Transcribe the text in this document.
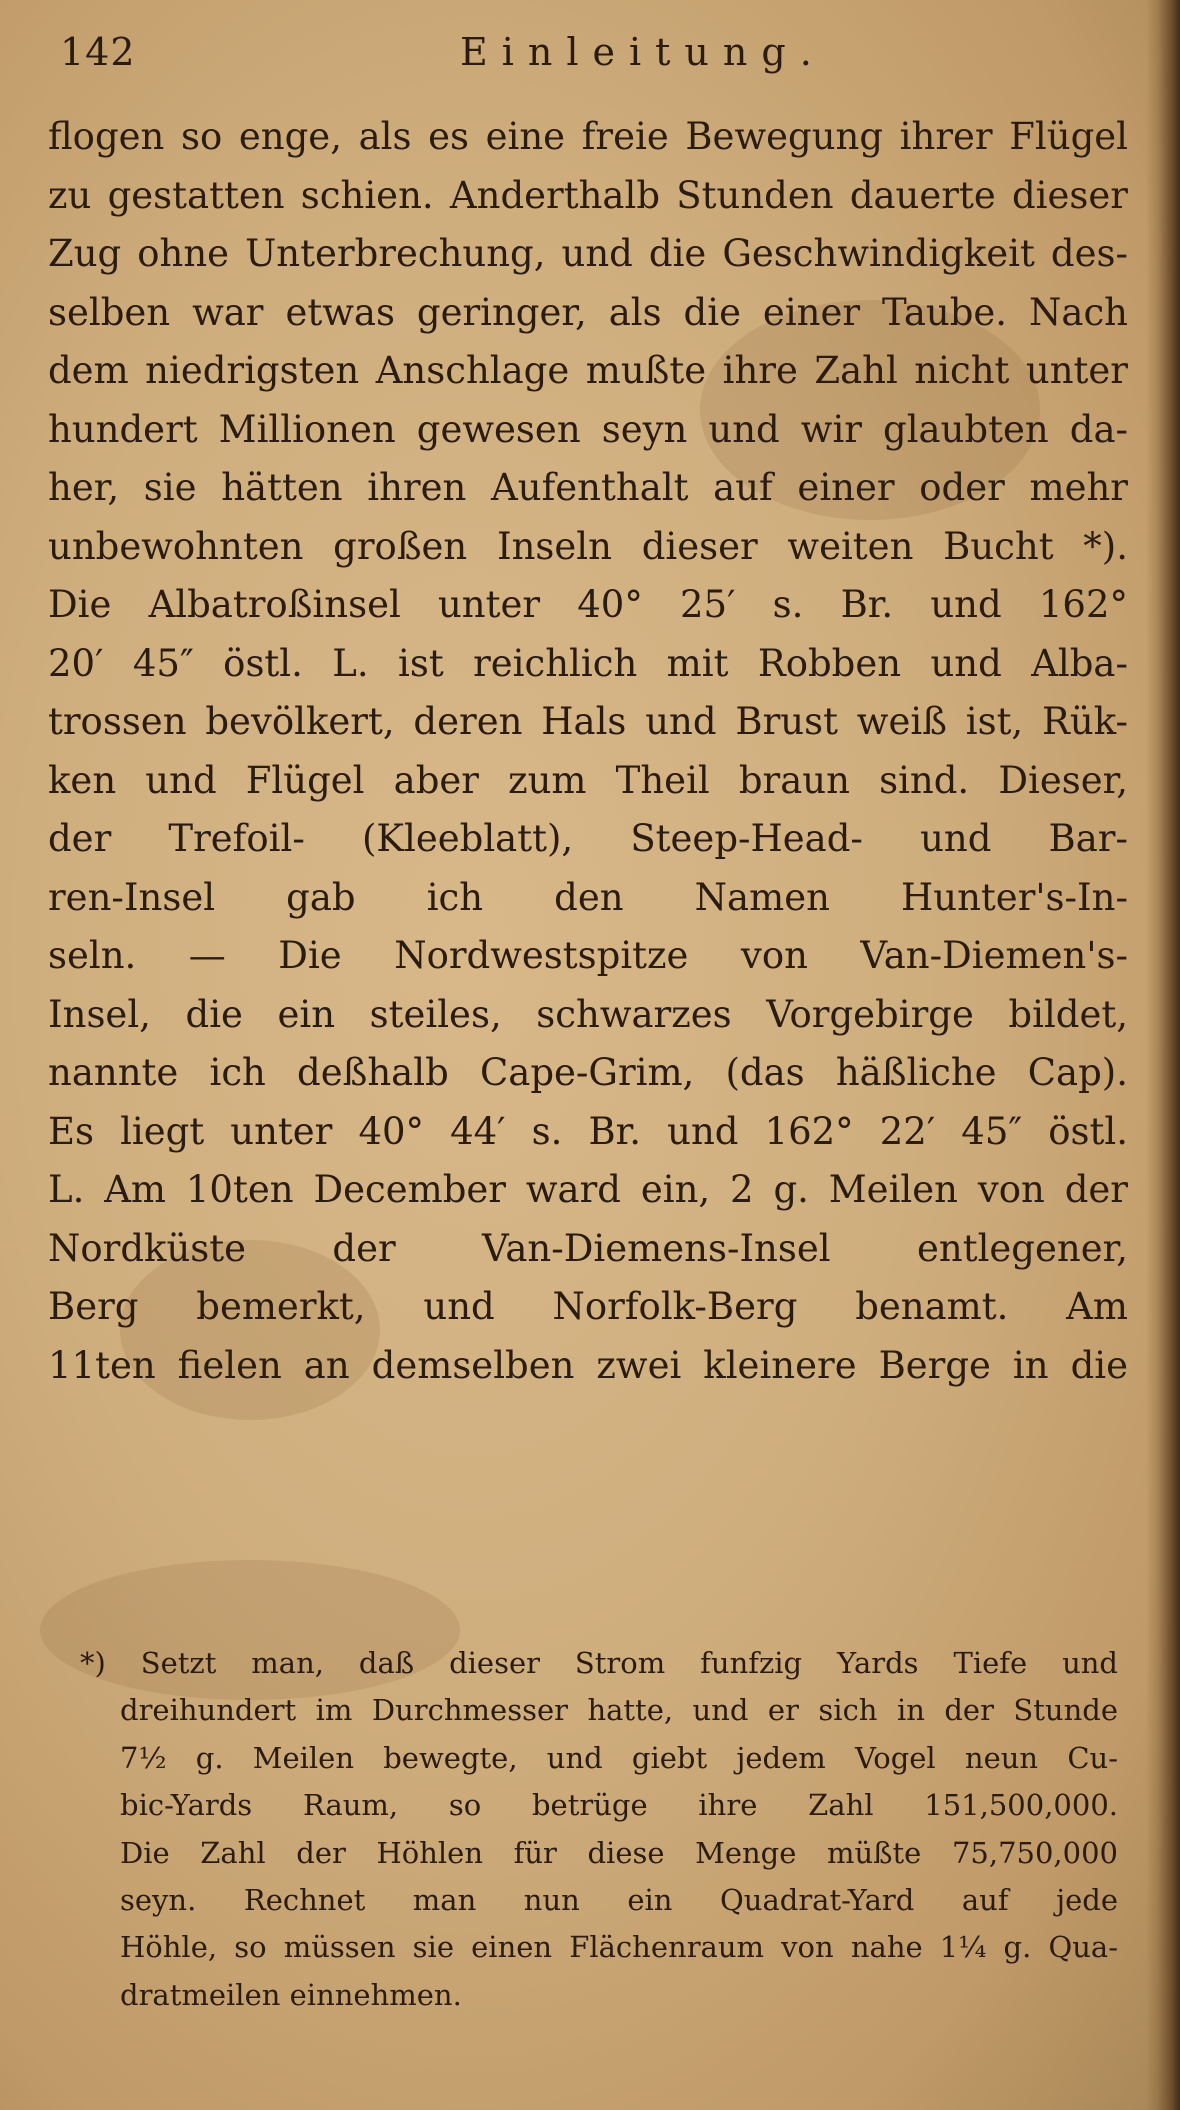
142	Einleitung.
flogen so enge, als es eine freie Bewegung ihrer Flügel
zu gestatten schien. Anderthalb Stunden dauerte dieser
Zug ohne Unterbrechung, und die Geschwindigkeit des-
selben war etwas geringer, als die einer Taube. Nach
dem niedrigsten Anschlage mußte ihre Zahl nicht unter
hundert Millionen gewesen seyn und wir glaubten da-
her, sie hätten ihren Aufenthalt auf einer oder mehr
unbewohnten großen Inseln dieser weiten Bucht *).
Die Albatroßinsel unter 40° 25′ s. Br. und 162°
20′ 45″ östl. L. ist reichlich mit Robben und Alba-
trossen bevölkert, deren Hals und Brust weiß ist, Rük-
ken und Flügel aber zum Theil braun sind. Dieser,
der Trefoil- (Kleeblatt), Steep-Head- und Bar-
ren-Insel gab ich den Namen Hunter's-In-
seln. — Die Nordwestspitze von Van-Diemen's-
Insel, die ein steiles, schwarzes Vorgebirge bildet,
nannte ich deßhalb Cape-Grim, (das häßliche Cap).
Es liegt unter 40° 44′ s. Br. und 162° 22′ 45″ östl.
L. Am 10ten December ward ein, 2 g. Meilen von der
Nordküste der Van-Diemens-Insel entlegener,
Berg bemerkt, und Norfolk-Berg benamt. Am
11ten fielen an demselben zwei kleinere Berge in die
*) Setzt man, daß dieser Strom funfzig Yards Tiefe und
dreihundert im Durchmesser hatte, und er sich in der Stunde
7½ g. Meilen bewegte, und giebt jedem Vogel neun Cu-
bic-Yards Raum, so betrüge ihre Zahl 151,500,000.
Die Zahl der Höhlen für diese Menge müßte 75,750,000
seyn. Rechnet man nun ein Quadrat-Yard auf jede
Höhle, so müssen sie einen Flächenraum von nahe 1¼ g. Qua-
dratmeilen einnehmen.
